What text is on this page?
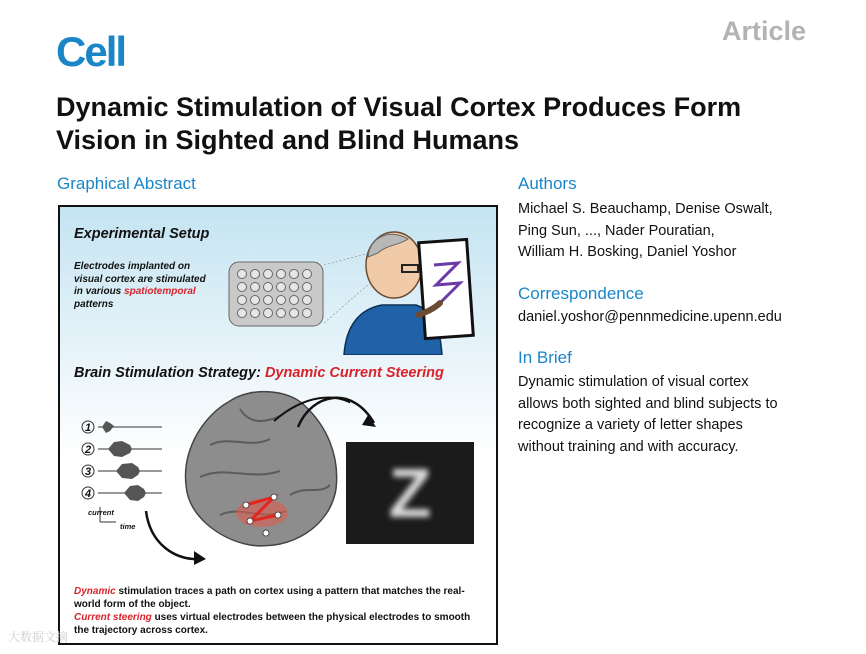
Cell	Article
Dynamic Stimulation of Visual Cortex Produces Form Vision in Sighted and Blind Humans
Graphical Abstract
Experimental Setup
Electrodes implanted on
visual cortex are stimulated
in various spatiotemporal
patterns
Brain Stimulation Strategy: Dynamic Current Steering
1
2
3
4
current
time	Z
Dynamic stimulation traces a path on cortex using a pattern that matches the real-world form of the object.
Current steering uses virtual electrodes between the physical electrodes to smooth the trajectory across cortex.
Authors
Michael S. Beauchamp, Denise Oswalt,
Ping Sun, ..., Nader Pouratian,
William H. Bosking, Daniel Yoshor
Correspondence
daniel.yoshor@pennmedicine.upenn.edu
In Brief
Dynamic stimulation of visual cortex
allows both sighted and blind subjects to
recognize a variety of letter shapes
without training and with accuracy.
大数据文摘
